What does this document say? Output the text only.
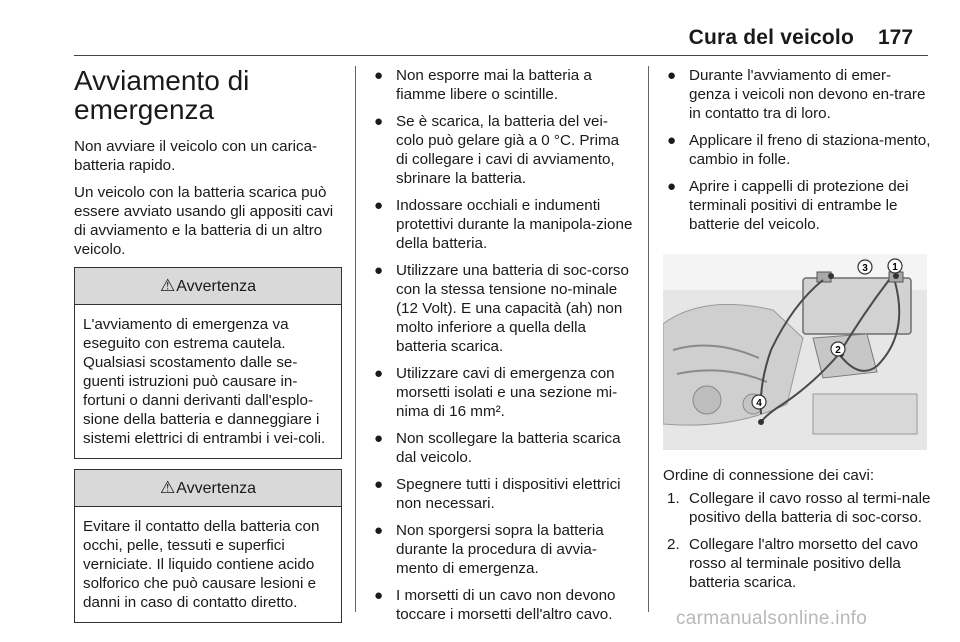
Cura del veicolo 177
Avviamento di
emergenza

Non avviare il veicolo con un carica-batteria rapido.

Un veicolo con la batteria scarica può essere avviato usando gli appositi cavi di avviamento e la batteria di un altro veicolo.

⚠Avvertenza
L'avviamento di emergenza va eseguito con estrema cautela. Qualsiasi scostamento dalle se-guenti istruzioni può causare in-fortuni o danni derivanti dall'esplo-sione della batteria e danneggiare i sistemi elettrici di entrambi i vei-coli.
⚠Avvertenza
Evitare il contatto della batteria con occhi, pelle, tessuti e superfici verniciate. Il liquido contiene acido solforico che può causare lesioni e danni in caso di contatto diretto.
● Non esporre mai la batteria a fiamme libere o scintille.
● Se è scarica, la batteria del vei-colo può gelare già a 0 °C. Prima di collegare i cavi di avviamento, sbrinare la batteria.
● Indossare occhiali e indumenti protettivi durante la manipola-zione della batteria.
● Utilizzare una batteria di soc-corso con la stessa tensione no-minale (12 Volt). E una capacità (ah) non molto inferiore a quella della batteria scarica.
● Utilizzare cavi di emergenza con morsetti isolati e una sezione mi-nima di 16 mm².
● Non scollegare la batteria scarica dal veicolo.
● Spegnere tutti i dispositivi elettrici non necessari.
● Non sporgersi sopra la batteria durante la procedura di avvia-mento di emergenza.
● I morsetti di un cavo non devono toccare i morsetti dell'altro cavo.
● Durante l'avviamento di emer-genza i veicoli non devono en-trare in contatto tra di loro.
● Applicare il freno di staziona-mento, cambio in folle.
● Aprire i cappelli di protezione dei terminali positivi di entrambe le batterie del veicolo.
3 1
2
4

Ordine di connessione dei cavi:

1. Collegare il cavo rosso al termi-nale positivo della batteria di soc-corso.
2. Collegare l'altro morsetto del cavo rosso al terminale positivo della batteria scarica.
carmanualsonline.info
